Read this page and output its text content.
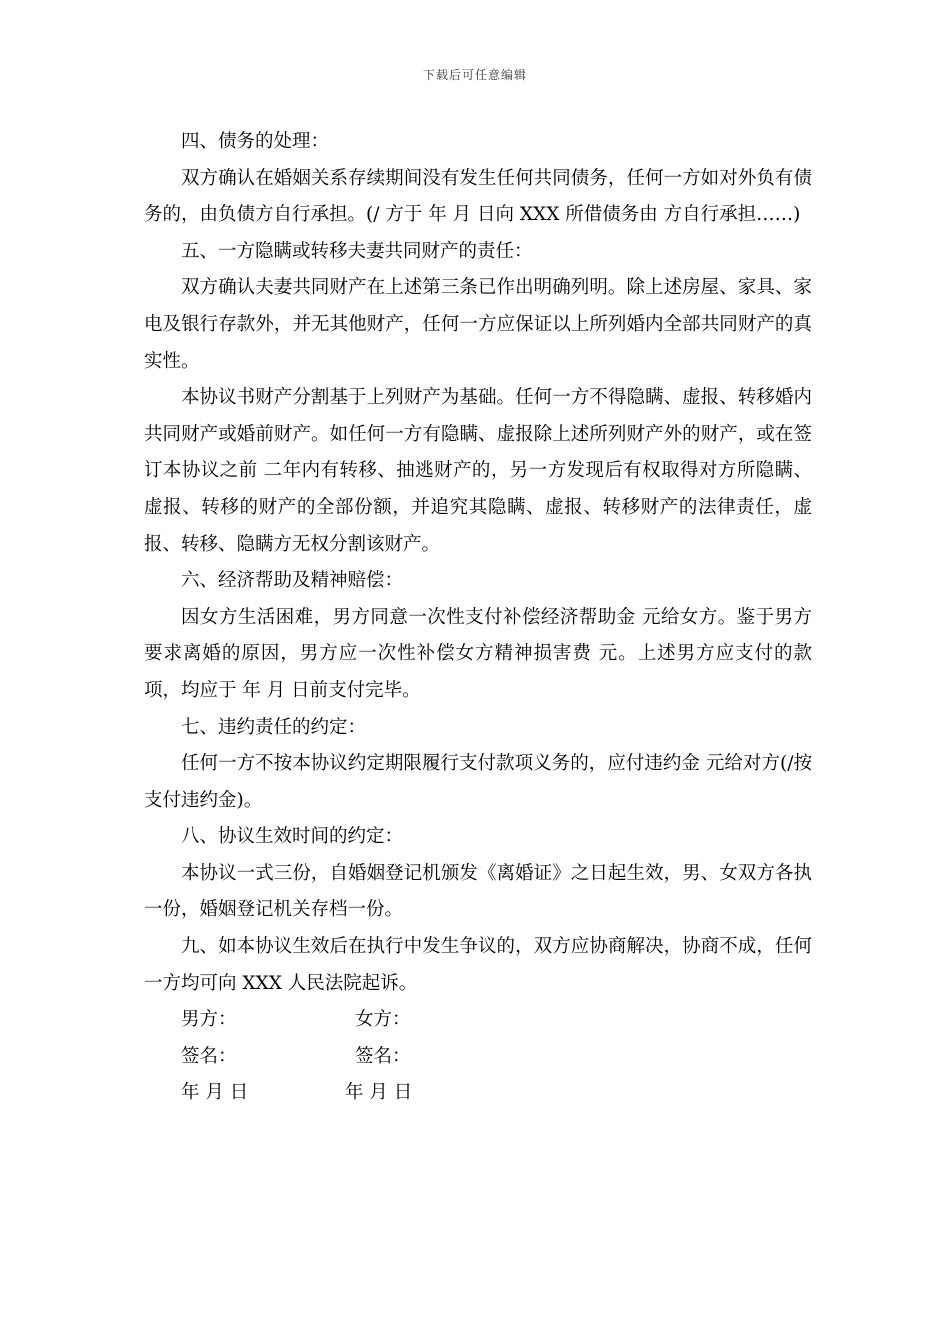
下载后可任意编辑

四、债务的处理：

双方确认在婚姻关系存续期间没有发生任何共同债务，任何一方如对外负有债务的，由负债方自行承担。(/ 方于 年 月 日向 XXX 所借债务由 方自行承担……)

五、一方隐瞒或转移夫妻共同财产的责任：

双方确认夫妻共同财产在上述第三条已作出明确列明。除上述房屋、家具、家电及银行存款外，并无其他财产，任何一方应保证以上所列婚内全部共同财产的真实性。

本协议书财产分割基于上列财产为基础。任何一方不得隐瞒、虚报、转移婚内共同财产或婚前财产。如任何一方有隐瞒、虚报除上述所列财产外的财产，或在签订本协议之前 二年内有转移、抽逃财产的，另一方发现后有权取得对方所隐瞒、虚报、转移的财产的全部份额，并追究其隐瞒、虚报、转移财产的法律责任，虚报、转移、隐瞒方无权分割该财产。

六、经济帮助及精神赔偿：

因女方生活困难，男方同意一次性支付补偿经济帮助金 元给女方。鉴于男方要求离婚的原因，男方应一次性补偿女方精神损害费 元。上述男方应支付的款项，均应于 年 月 日前支付完毕。

七、违约责任的约定：

任何一方不按本协议约定期限履行支付款项义务的，应付违约金 元给对方(/按 支付违约金)。

八、协议生效时间的约定：

本协议一式三份，自婚姻登记机颁发《离婚证》之日起生效，男、女双方各执一份，婚姻登记机关存档一份。

九、如本协议生效后在执行中发生争议的，双方应协商解决，协商不成，任何一方均可向 XXX 人民法院起诉。

男方：	女方：
签名：	签名：
年 月 日	年 月 日
